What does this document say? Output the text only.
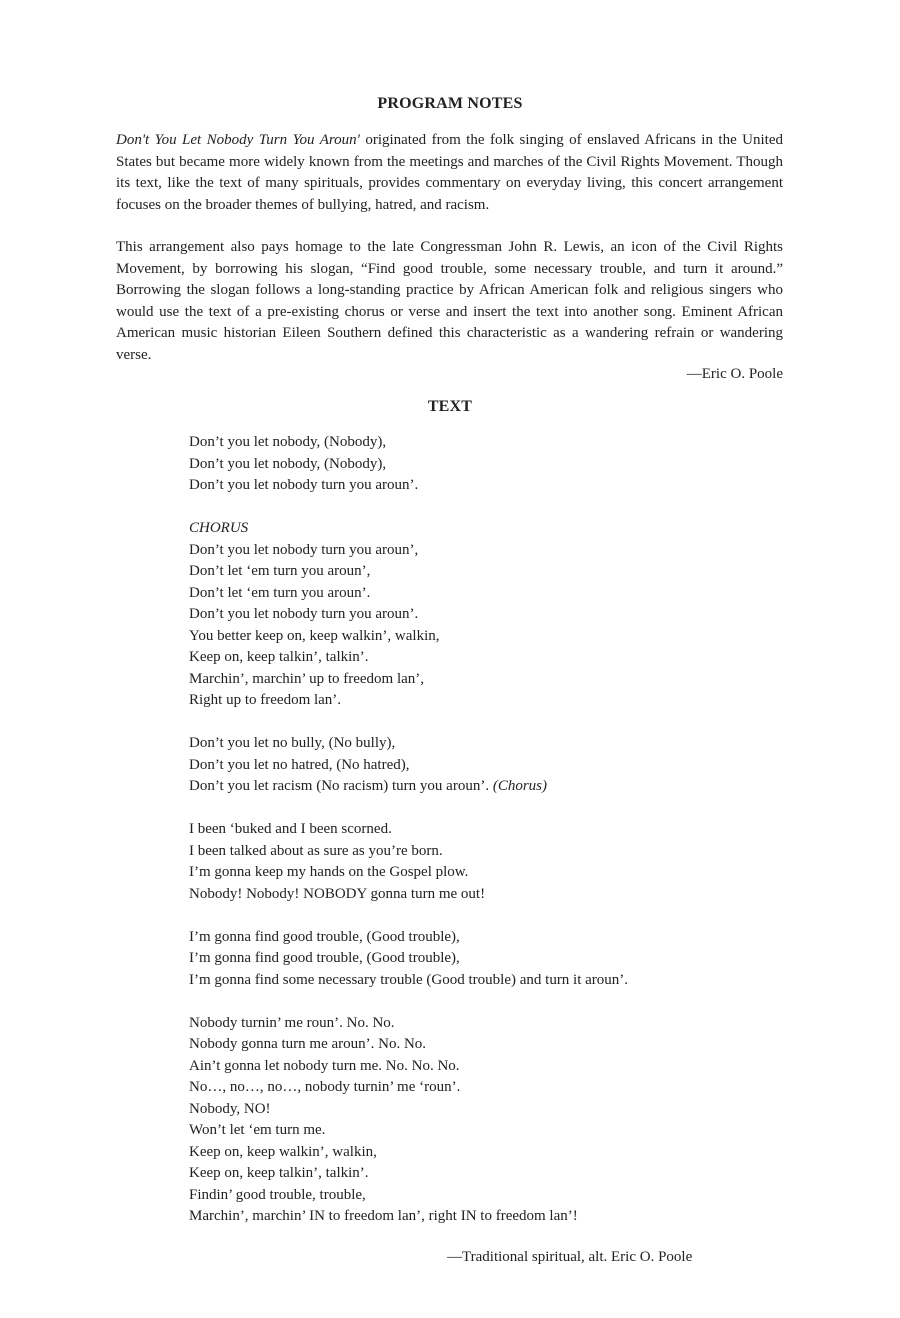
PROGRAM NOTES

Don't You Let Nobody Turn You Aroun' originated from the folk singing of enslaved Africans in the United States but became more widely known from the meetings and marches of the Civil Rights Movement. Though its text, like the text of many spirituals, provides commentary on everyday living, this concert arrangement focuses on the broader themes of bullying, hatred, and racism.

This arrangement also pays homage to the late Congressman John R. Lewis, an icon of the Civil Rights Movement, by borrowing his slogan, “Find good trouble, some necessary trouble, and turn it around.” Borrowing the slogan follows a long-standing practice by African American folk and religious singers who would use the text of a pre-existing chorus or verse and insert the text into another song. Eminent African American music historian Eileen Southern defined this characteristic as a wandering refrain or wandering verse.

—Eric O. Poole
TEXT
Don’t you let nobody, (Nobody),
Don’t you let nobody, (Nobody),
Don’t you let nobody turn you aroun’.
CHORUS
Don’t you let nobody turn you aroun’,
Don’t let ‘em turn you aroun’,
Don’t let ‘em turn you aroun’.
Don’t you let nobody turn you aroun’.
You better keep on, keep walkin’, walkin,
Keep on, keep talkin’, talkin’.
Marchin’, marchin’ up to freedom lan’,
Right up to freedom lan’.
Don’t you let no bully, (No bully),
Don’t you let no hatred, (No hatred),
Don’t you let racism (No racism) turn you aroun’. (Chorus)
I been ‘buked and I been scorned.
I been talked about as sure as you’re born.
I’m gonna keep my hands on the Gospel plow.
Nobody! Nobody! NOBODY gonna turn me out!
I’m gonna find good trouble, (Good trouble),
I’m gonna find good trouble, (Good trouble),
I’m gonna find some necessary trouble (Good trouble) and turn it aroun’.
Nobody turnin’ me roun’. No. No.
Nobody gonna turn me aroun’. No. No.
Ain’t gonna let nobody turn me. No. No. No.
No…, no…, no…, nobody turnin’ me ‘roun’.
Nobody, NO!
Won’t let ‘em turn me.
Keep on, keep walkin’, walkin,
Keep on, keep talkin’, talkin’.
Findin’ good trouble, trouble,
Marchin’, marchin’ IN to freedom lan’, right IN to freedom lan’!
—Traditional spiritual, alt. Eric O. Poole
